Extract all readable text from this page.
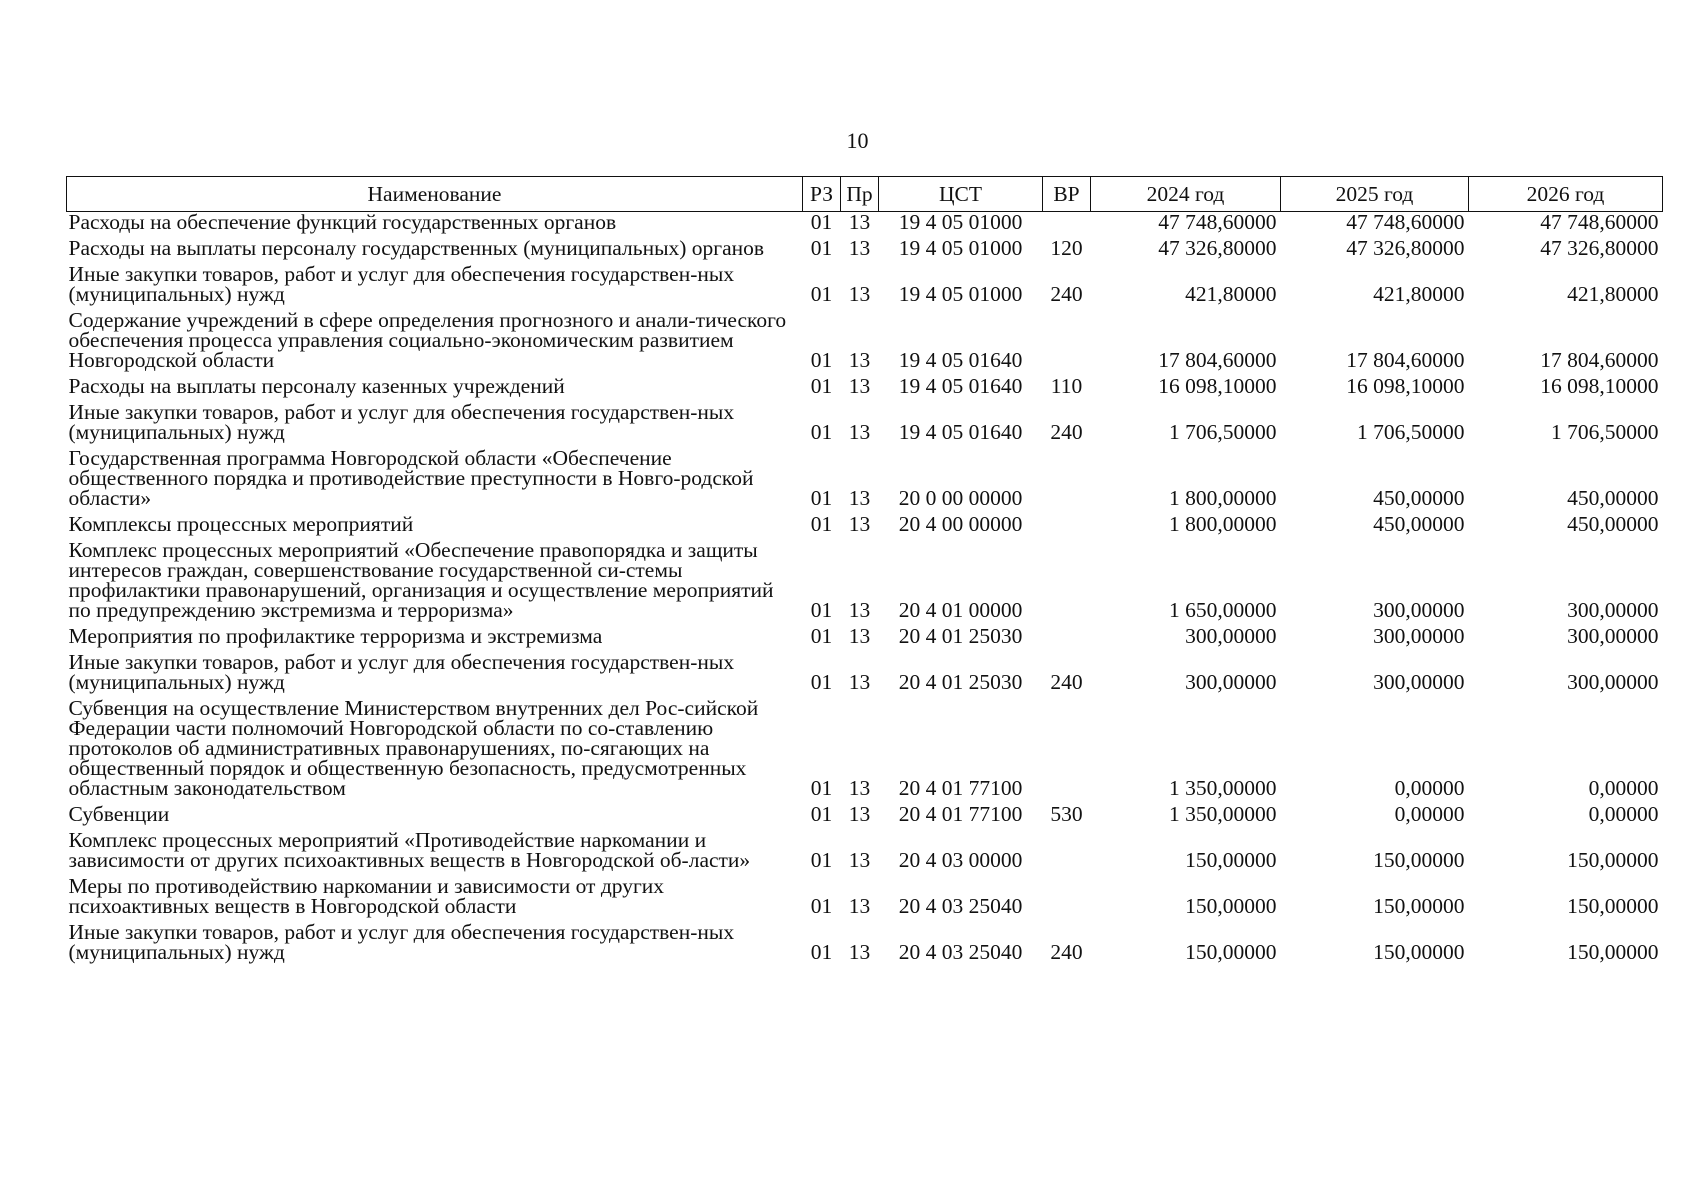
10
Наименование	РЗ	Пр	ЦСТ	ВР	2024 год	2025 год	2026 год
Расходы на обеспечение функций государственных органов	01	13	19 4 05 01000		47 748,60000	47 748,60000	47 748,60000
Расходы на выплаты персоналу государственных (муниципальных) органов	01	13	19 4 05 01000	120	47 326,80000	47 326,80000	47 326,80000
Иные закупки товаров, работ и услуг для обеспечения государствен-ных (муниципальных) нужд	01	13	19 4 05 01000	240	421,80000	421,80000	421,80000
Содержание учреждений в сфере определения прогнозного и анали-тического обеспечения процесса управления социально-экономическим развитием Новгородской области	01	13	19 4 05 01640		17 804,60000	17 804,60000	17 804,60000
Расходы на выплаты персоналу казенных учреждений	01	13	19 4 05 01640	110	16 098,10000	16 098,10000	16 098,10000
Иные закупки товаров, работ и услуг для обеспечения государствен-ных (муниципальных) нужд	01	13	19 4 05 01640	240	1 706,50000	1 706,50000	1 706,50000
Государственная программа Новгородской области «Обеспечение общественного порядка и противодействие преступности в Новго-родской области»	01	13	20 0 00 00000		1 800,00000	450,00000	450,00000
Комплексы процессных мероприятий	01	13	20 4 00 00000		1 800,00000	450,00000	450,00000
Комплекс процессных мероприятий «Обеспечение правопорядка и защиты интересов граждан, совершенствование государственной си-стемы профилактики правонарушений, организация и осуществление мероприятий по предупреждению экстремизма и терроризма»	01	13	20 4 01 00000		1 650,00000	300,00000	300,00000
Мероприятия по профилактике терроризма и экстремизма	01	13	20 4 01 25030		300,00000	300,00000	300,00000
Иные закупки товаров, работ и услуг для обеспечения государствен-ных (муниципальных) нужд	01	13	20 4 01 25030	240	300,00000	300,00000	300,00000
Субвенция на осуществление Министерством внутренних дел Рос-сийской Федерации части полномочий Новгородской области по со-ставлению протоколов об административных правонарушениях, по-сягающих на общественный порядок и общественную безопасность, предусмотренных областным законодательством	01	13	20 4 01 77100		1 350,00000	0,00000	0,00000
Субвенции	01	13	20 4 01 77100	530	1 350,00000	0,00000	0,00000
Комплекс процессных мероприятий «Противодействие наркомании и зависимости от других психоактивных веществ в Новгородской об-ласти»	01	13	20 4 03 00000		150,00000	150,00000	150,00000
Меры по противодействию наркомании и зависимости от других психоактивных веществ в Новгородской области	01	13	20 4 03 25040		150,00000	150,00000	150,00000
Иные закупки товаров, работ и услуг для обеспечения государствен-ных (муниципальных) нужд	01	13	20 4 03 25040	240	150,00000	150,00000	150,00000
